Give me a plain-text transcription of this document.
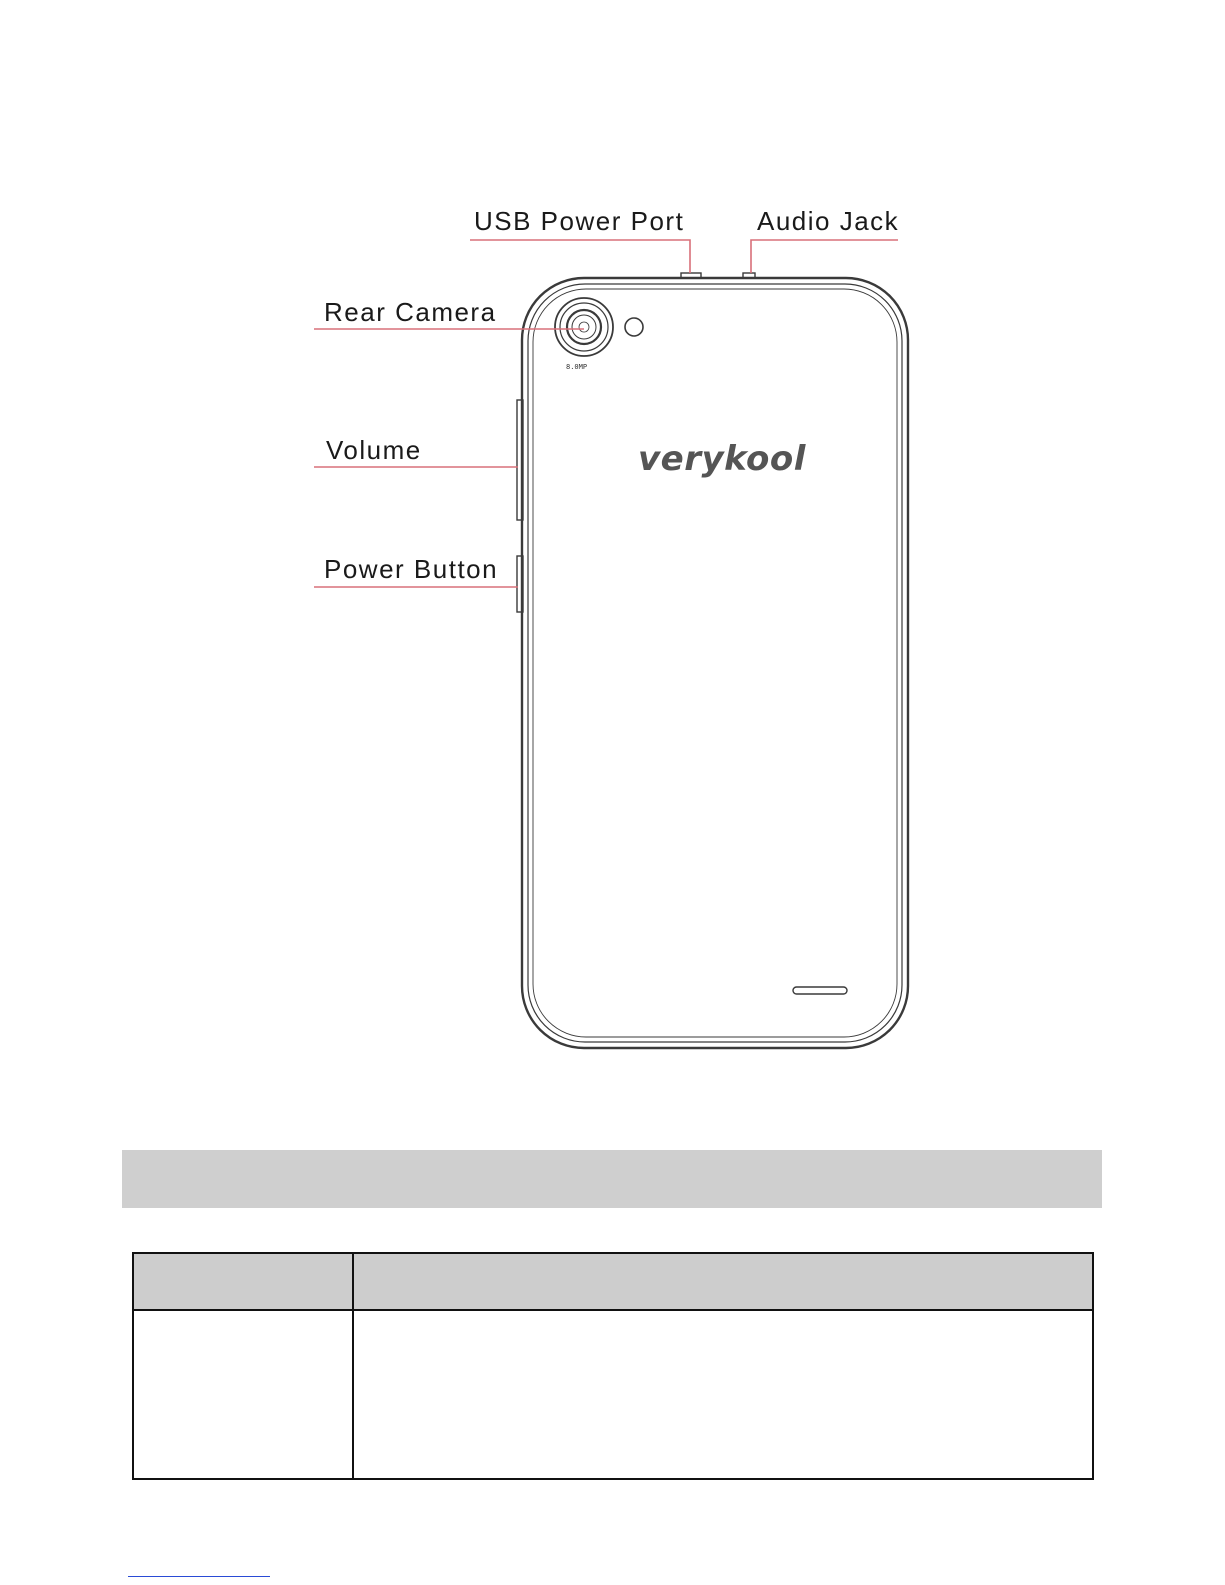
8.0MP
verykool
USB Power Port	Audio Jack
Rear Camera
Volume
Power Button
